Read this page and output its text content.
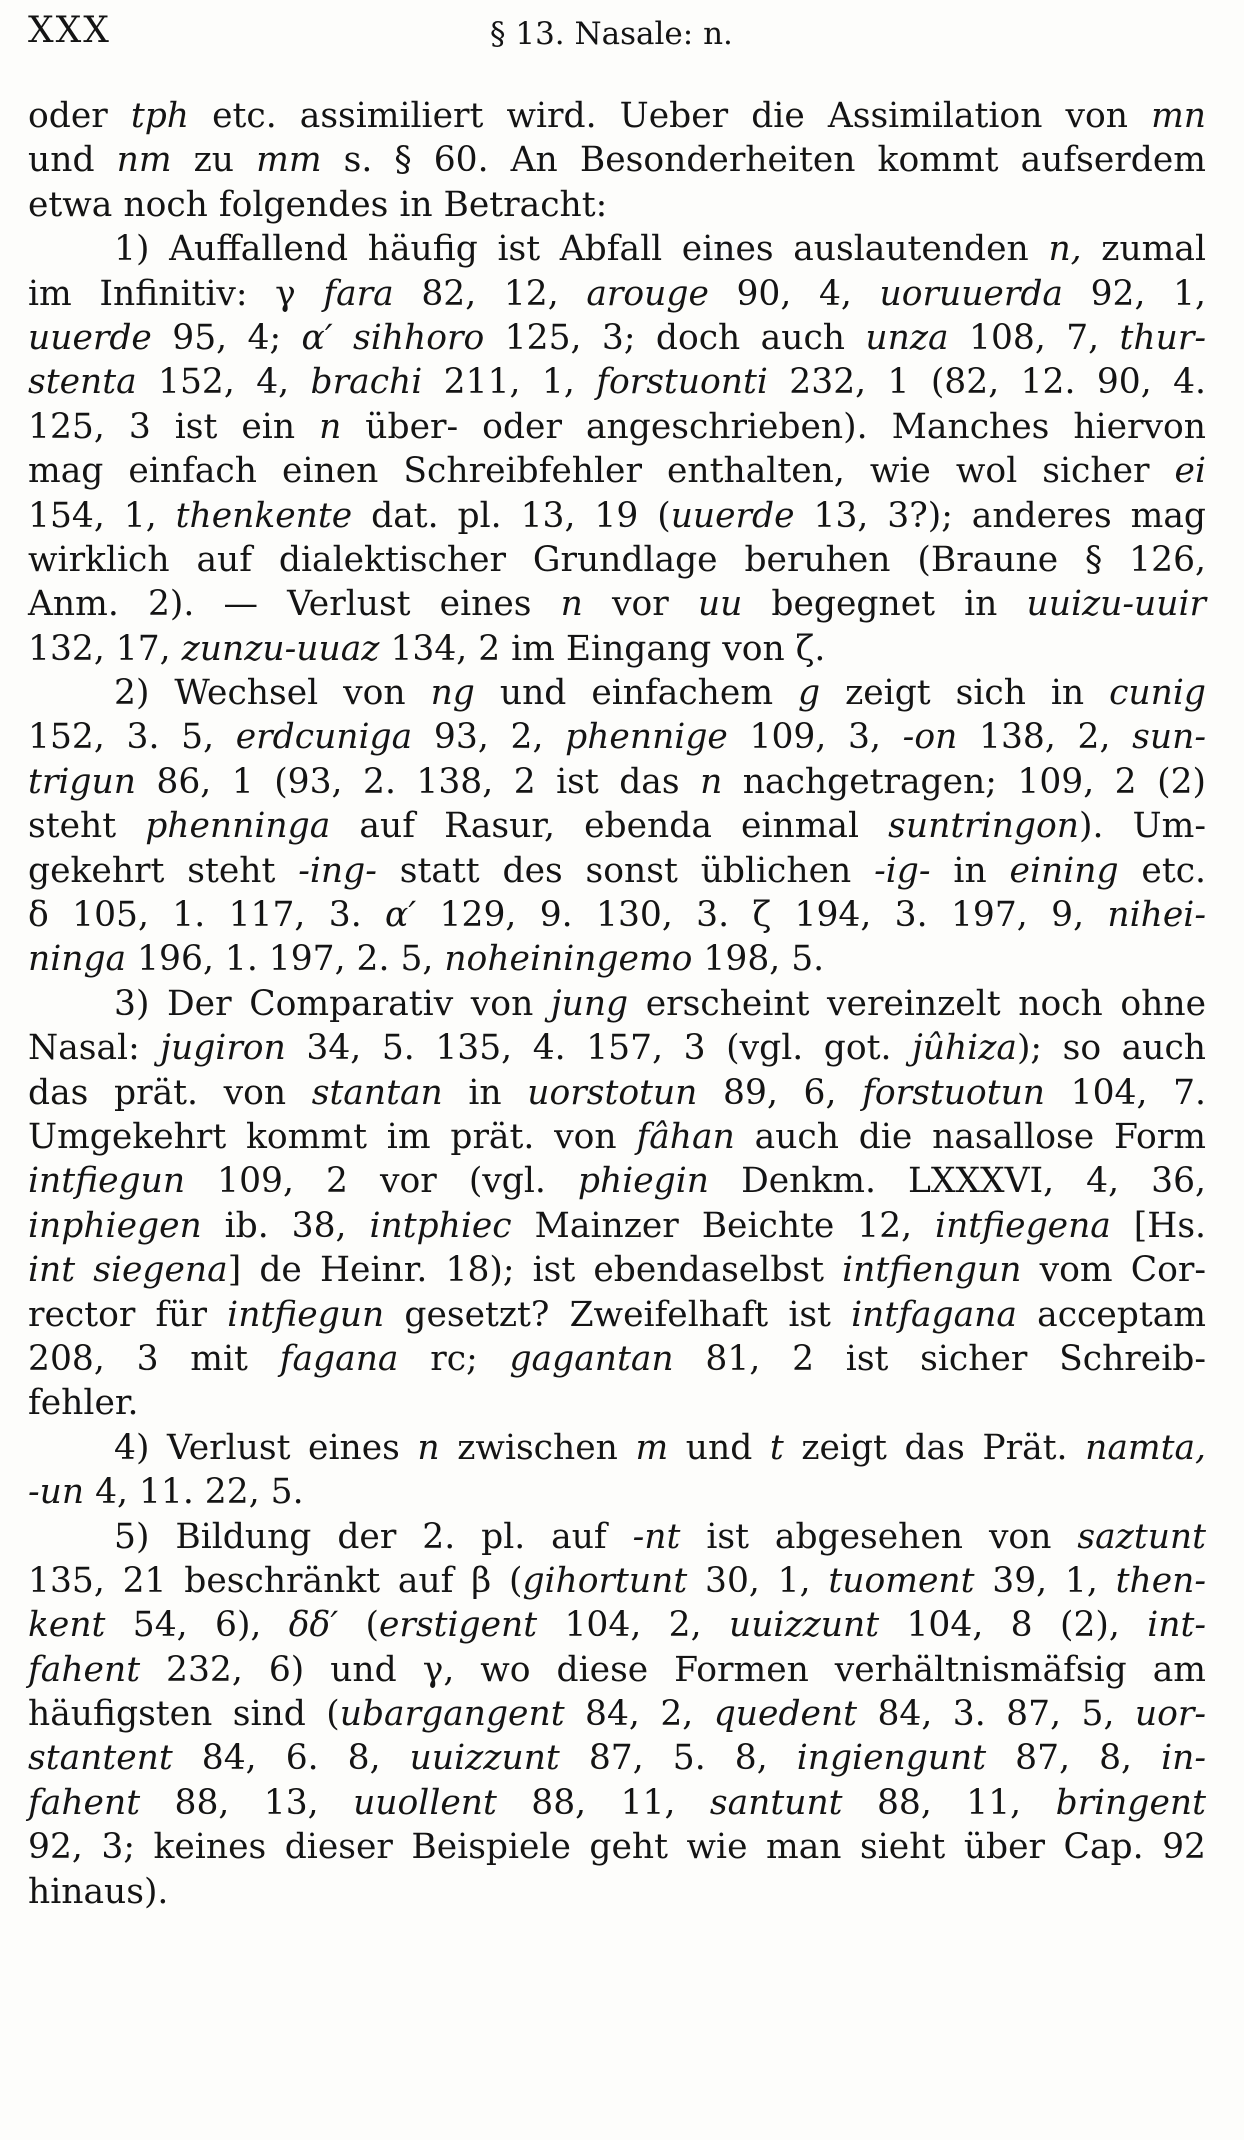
XXX	§ 13. Nasale: n.
oder tph etc. assimiliert wird. Ueber die Assimilation von mn
und nm zu mm s. § 60. An Besonderheiten kommt aufserdem
etwa noch folgendes in Betracht:
1) Auffallend häufig ist Abfall eines auslautenden n, zumal
im Infinitiv: γ fara 82, 12, arouge 90, 4, uoruuerda 92, 1,
uuerde 95, 4; α′ sihhoro 125, 3; doch auch unza 108, 7, thur-
stenta 152, 4, brachi 211, 1, forstuonti 232, 1 (82, 12. 90, 4.
125, 3 ist ein n über- oder angeschrieben). Manches hiervon
mag einfach einen Schreibfehler enthalten, wie wol sicher ei
154, 1, thenkente dat. pl. 13, 19 (uuerde 13, 3?); anderes mag
wirklich auf dialektischer Grundlage beruhen (Braune § 126,
Anm. 2). — Verlust eines n vor uu begegnet in uuizu-uuir
132, 17, zunzu-uuaz 134, 2 im Eingang von ζ.
2) Wechsel von ng und einfachem g zeigt sich in cunig
152, 3. 5, erdcuniga 93, 2, phennige 109, 3, -on 138, 2, sun-
trigun 86, 1 (93, 2. 138, 2 ist das n nachgetragen; 109, 2 (2)
steht phenninga auf Rasur, ebenda einmal suntringon). Um-
gekehrt steht -ing- statt des sonst üblichen -ig- in eining etc.
δ 105, 1. 117, 3. α′ 129, 9. 130, 3. ζ 194, 3. 197, 9, nihei-
ninga 196, 1. 197, 2. 5, noheiningemo 198, 5.
3) Der Comparativ von jung erscheint vereinzelt noch ohne
Nasal: jugiron 34, 5. 135, 4. 157, 3 (vgl. got. jûhiza); so auch
das prät. von stantan in uorstotun 89, 6, forstuotun 104, 7.
Umgekehrt kommt im prät. von fâhan auch die nasallose Form
intfiegun 109, 2 vor (vgl. phiegin Denkm. LXXXVI, 4, 36,
inphiegen ib. 38, intphiec Mainzer Beichte 12, intfiegena [Hs.
int siegena] de Heinr. 18); ist ebendaselbst intfiengun vom Cor-
rector für intfiegun gesetzt? Zweifelhaft ist intfagana acceptam
208, 3 mit fagana rc; gagantan 81, 2 ist sicher Schreib-
fehler.
4) Verlust eines n zwischen m und t zeigt das Prät. namta,
-un 4, 11. 22, 5.
5) Bildung der 2. pl. auf -nt ist abgesehen von saztunt
135, 21 beschränkt auf β (gihortunt 30, 1, tuoment 39, 1, then-
kent 54, 6), δδ′ (erstigent 104, 2, uuizzunt 104, 8 (2), int-
fahent 232, 6) und γ, wo diese Formen verhältnismäfsig am
häufigsten sind (ubargangent 84, 2, quedent 84, 3. 87, 5, uor-
stantent 84, 6. 8, uuizzunt 87, 5. 8, ingiengunt 87, 8, in-
fahent 88, 13, uuollent 88, 11, santunt 88, 11, bringent
92, 3; keines dieser Beispiele geht wie man sieht über Cap. 92
hinaus).
